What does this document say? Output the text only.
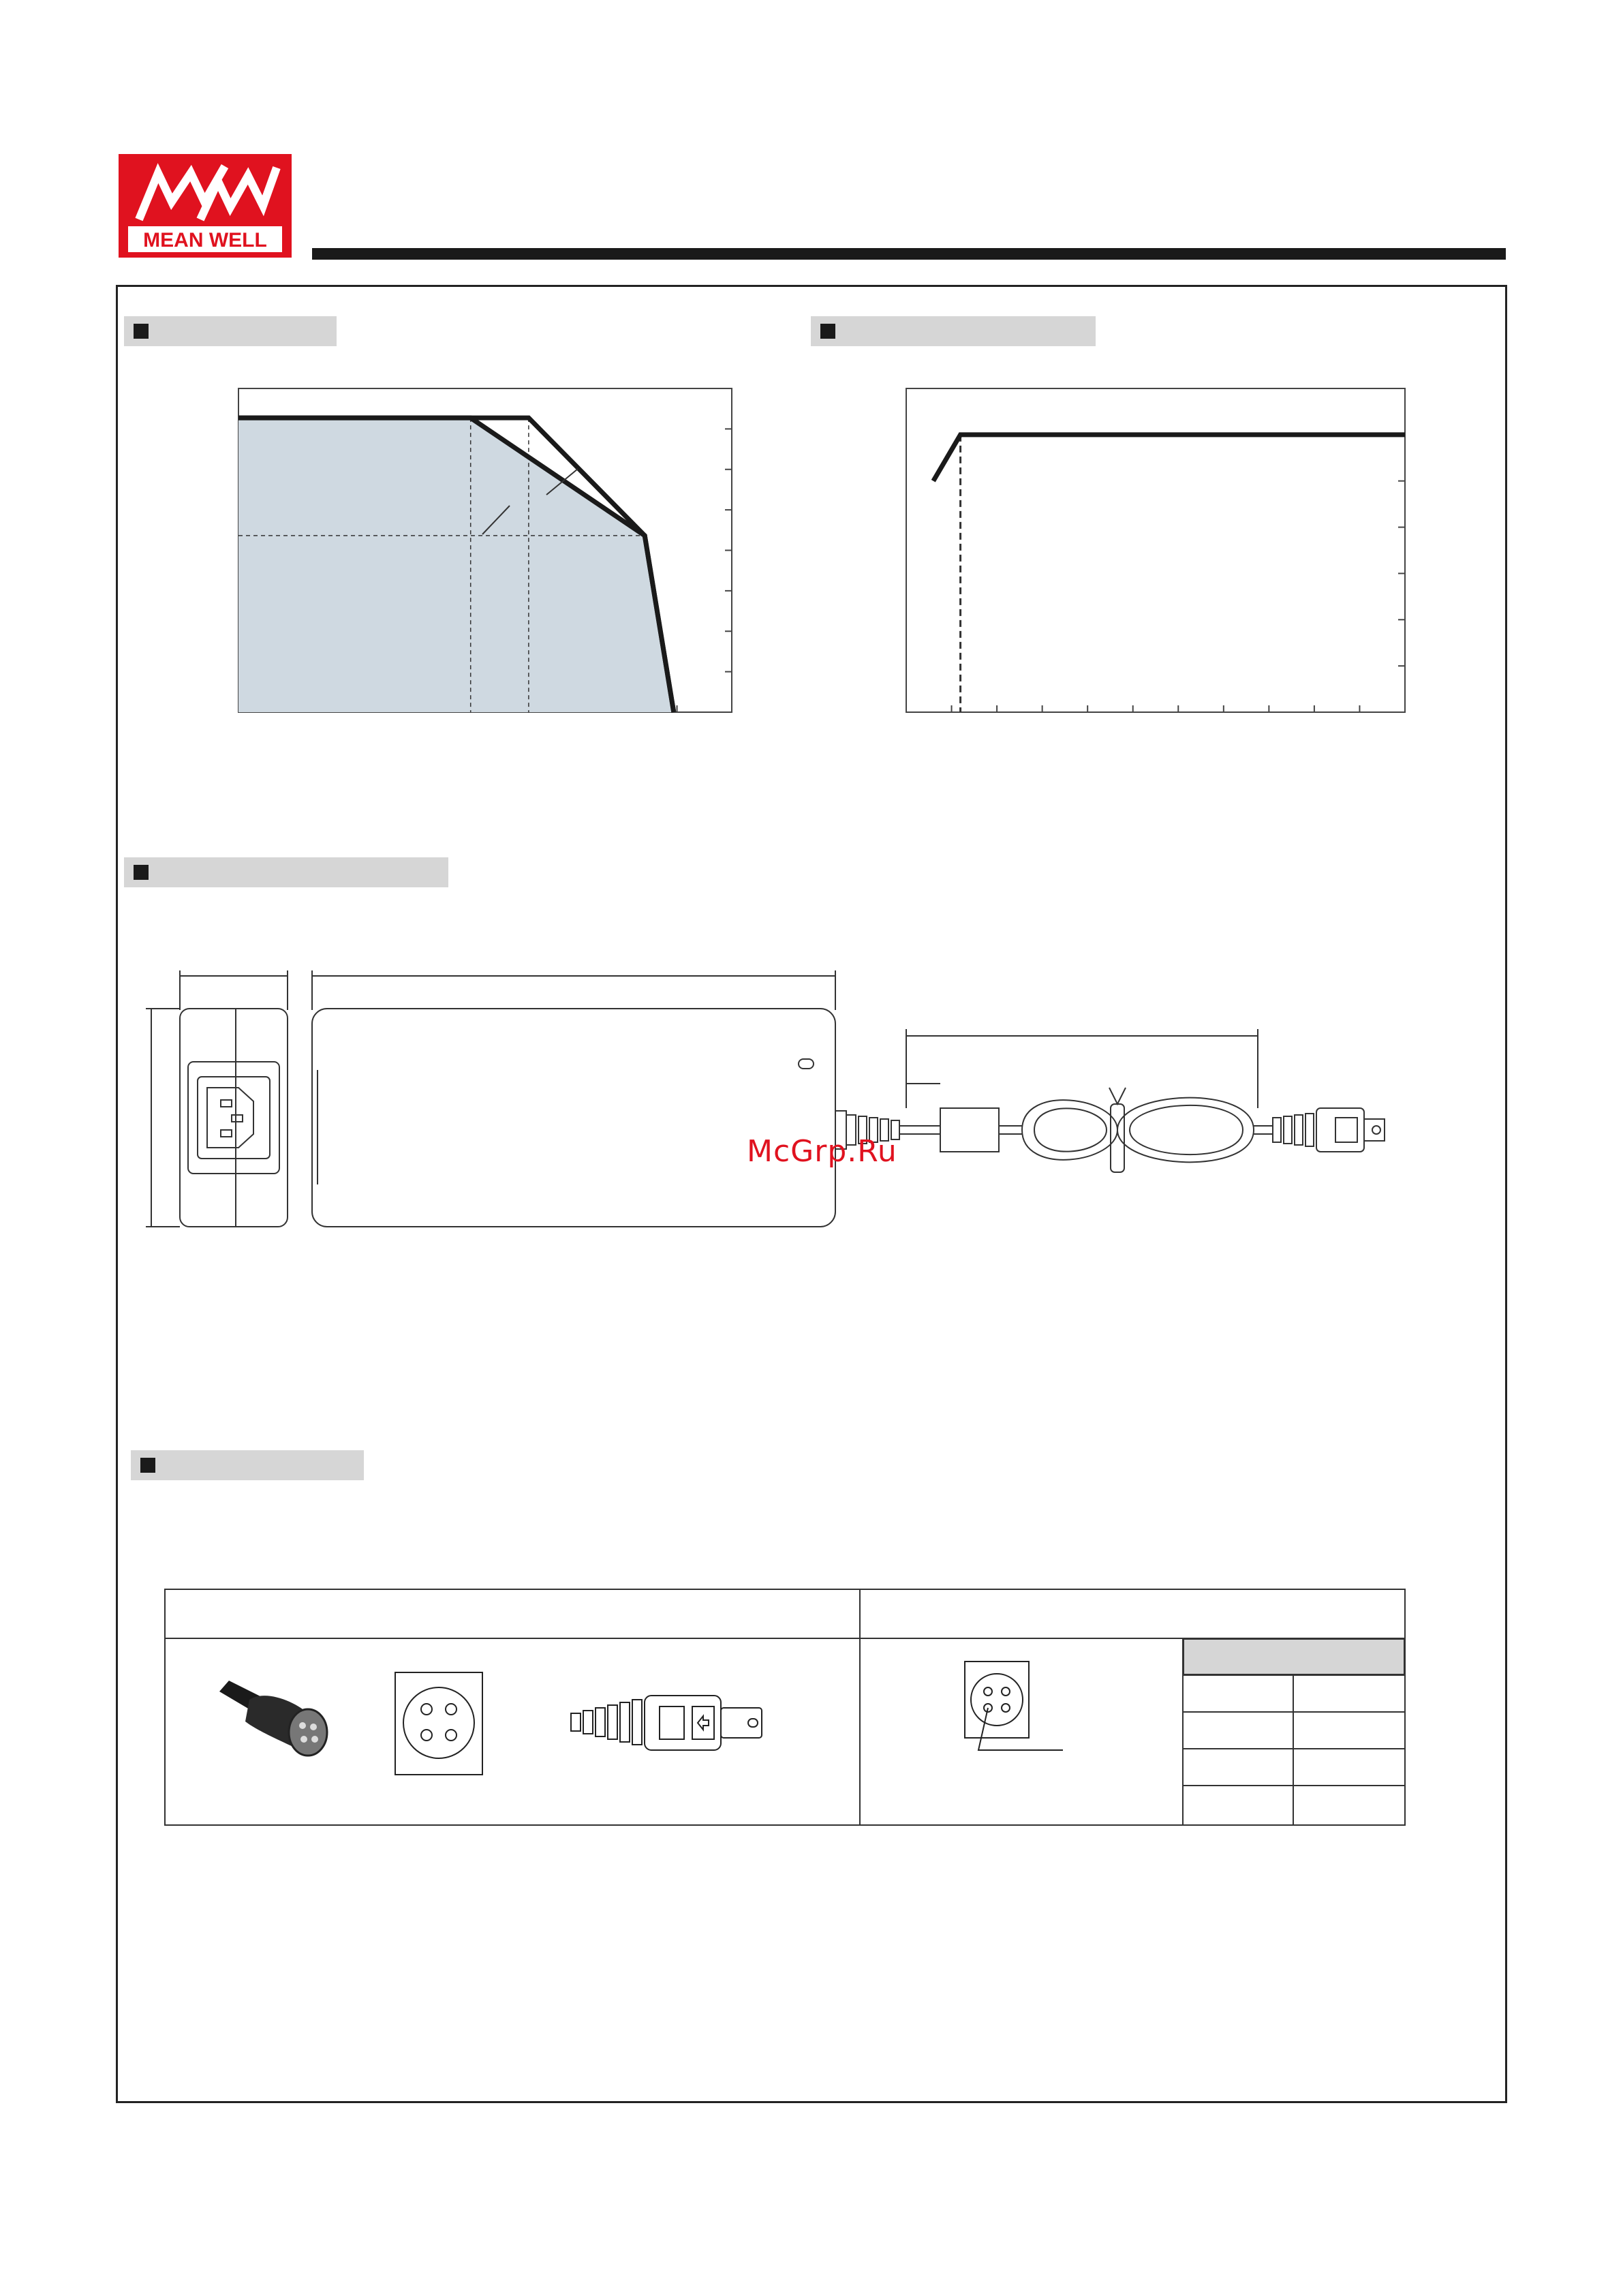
MEAN WELL
McGrp.Ru
